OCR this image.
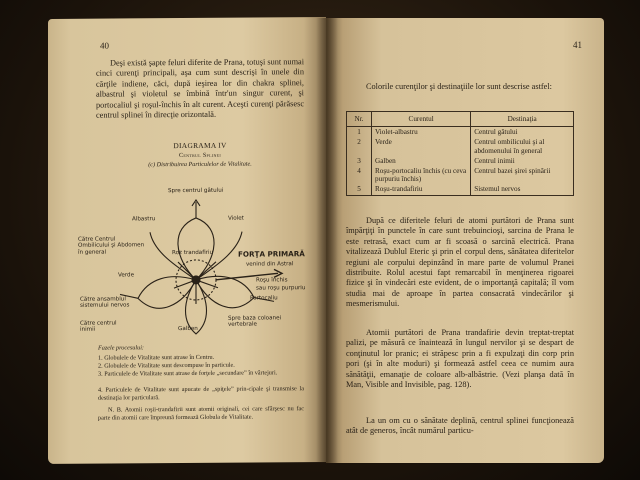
40
Deşi există şapte feluri diferite de Prana, totuşi sunt numai cinci curenţi principali, aşa cum sunt descrişi în unele din cărţile indiene, căci, după ieşirea lor din chakra splinei, albastrul şi violetul se îmbină într'un singur curent, şi portocaliul şi roşul-închis în alt curent. Aceşti curenţi părăsesc centrul splinei în direcţie orizontală.
DIAGRAMA IV
Centrul Splinei
(c) Distribuirea Particulelor de Vitalitate.
Spre centrul gâtului
Albastru	Violet
Către Centrul Ombilicului şi Abdomen în general	Roz trandafiriu	FORŢA PRIMARĂ
venind din Astral
Verde
Roşu închis
sau roşu purpuriu
Portocaliu
Către ansamblul sistemului nervos
Către centrul inimii	Galben
Spre baza coloanei vertebrale
Fazele procesului:
1. Globulele de Vitalitate sunt atrase în Centru.
2. Globulele de Vitalitate sunt descompuse în particule.
3. Particulele de Vitalitate sunt atrase de forţele „secundare” în vârtejuri.
4. Particulele de Vitalitate sunt apucate de „spiţele” prin-cipale şi transmise la destinaţia lor particulară.
N. B. Atomii roşii-trandafirii sunt atomii originali, cei care sfârşesc nu fac parte din atomii care împreună formează Globula de Vitalitate.
41
Colorile curenţilor şi destinaţiile lor sunt descrise astfel:
Nr.	Curentul	Destinaţia
1	Violet-albastru	Centrul gâtului
2	Verde	Centrul ombilicului şi al abdomenului în general
3	Galben	Centrul inimii
4	Roşu-portocaliu închis (cu ceva purpuriu închis)	Centrul bazei şirei spinării
5	Roşu-trandafiriu	Sistemul nervos
După ce diferitele feluri de atomi purtători de Prana sunt împărţiţi în punctele în care sunt trebuincioşi, sarcina de Prana le este retrasă, exact cum ar fi scoasă o sarcină electrică. Prana vitalizează Dublul Eteric şi prin el corpul dens, sănătatea diferitelor regiuni ale corpului depinzând în mare parte de volumul Pranei distribuite. Rolul acestui fapt remarcabil în menţinerea rigoarei fizice şi în vindecări este evident, de o importanţă capitală; îl vom studia mai de aproape în partea consacrată vindecărilor şi mesmerismului.
Atomii purtători de Prana trandafirie devin treptat-treptat palizi, pe măsură ce înaintează în lungul nervilor şi se despart de conţinutul lor pranic; ei străpesc prin a fi expulzaţi din corp prin pori (şi în alte moduri) şi formează astfel ceea ce numim aura sănătăţii, emanaţie de coloare alb-albăstrie. (Vezi planşa dată în Man, Visible and Invisible, pag. 128).
La un om cu o sănătate deplină, centrul splinei funcţionează atât de generos, încât numărul particu-
